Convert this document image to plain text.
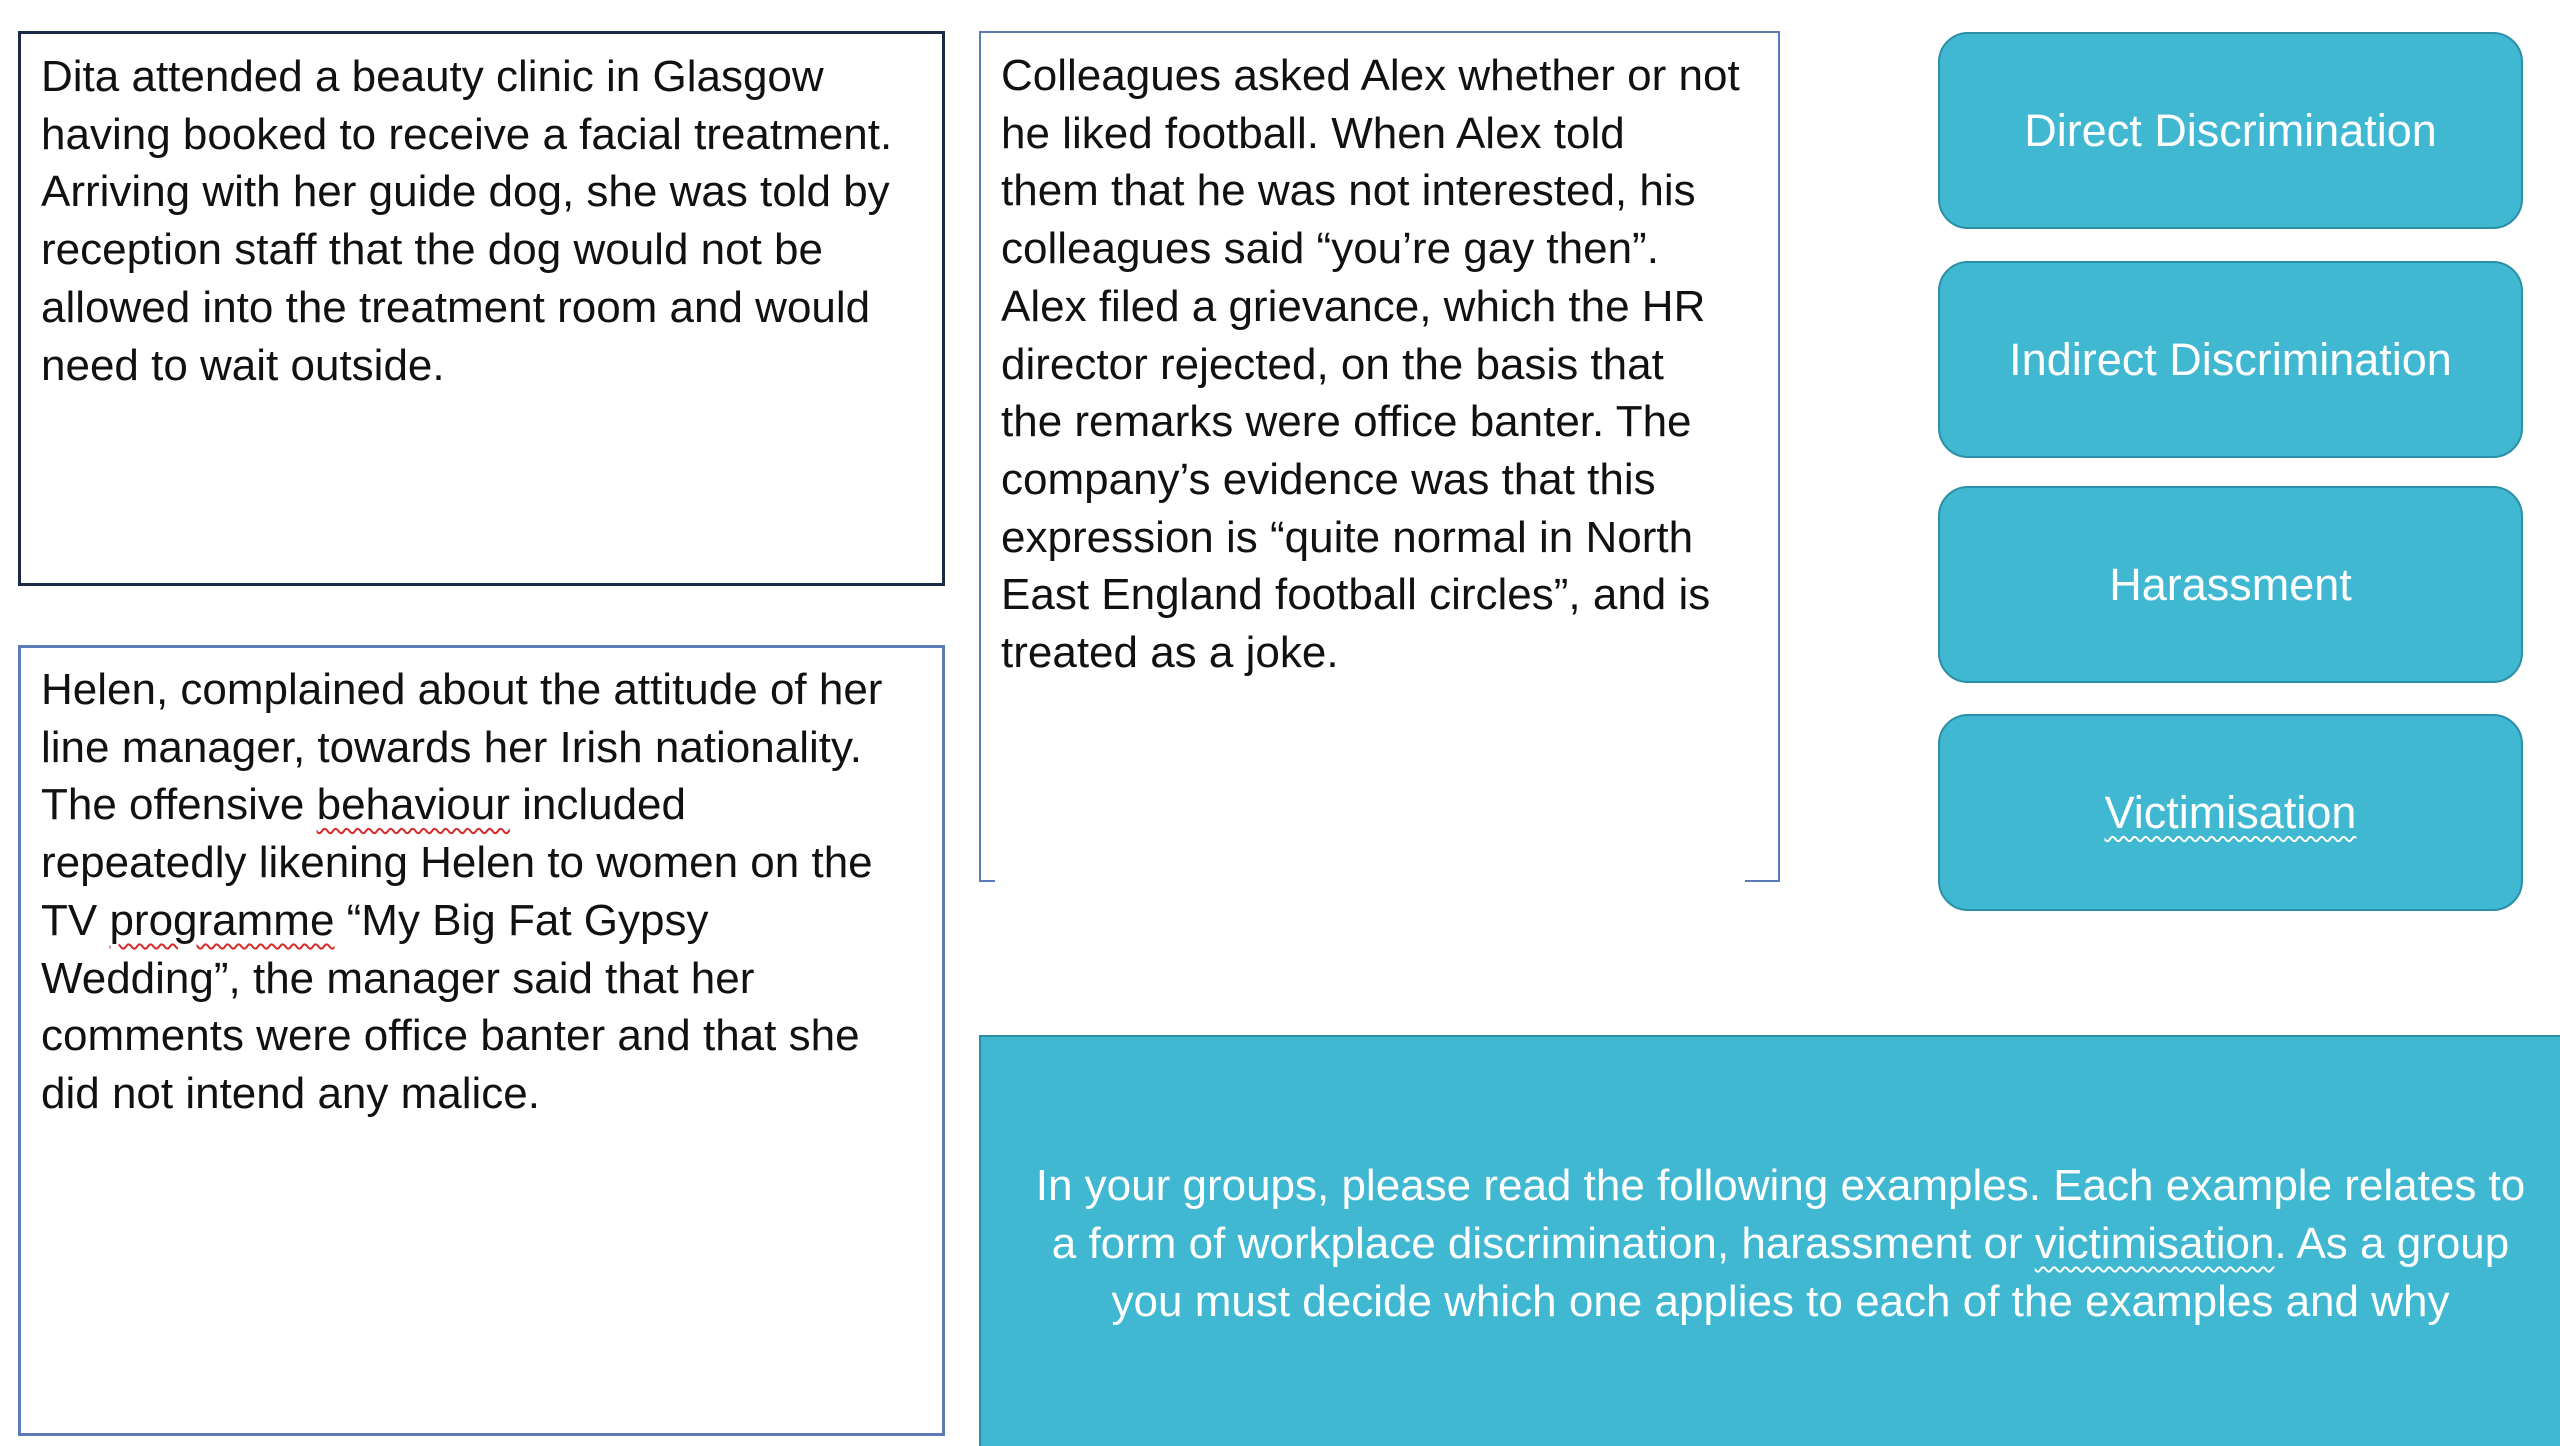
Dita attended a beauty clinic in Glasgow
having booked to receive a facial treatment.
Arriving with her guide dog, she was told by
reception staff that the dog would not be
allowed into the treatment room and would
need to wait outside.
Helen, complained about the attitude of her
line manager, towards her Irish nationality.
The offensive behaviour included
repeatedly likening Helen to women on the
TV programme “My Big Fat Gypsy
Wedding”, the manager said that her
comments were office banter and that she
did not intend any malice.
Colleagues asked Alex whether or not
he liked football. When Alex told
them that he was not interested, his
colleagues said “you’re gay then”.
Alex filed a grievance, which the HR
director rejected, on the basis that
the remarks were office banter. The
company’s evidence was that this
expression is “quite normal in North
East England football circles”, and is
treated as a joke.
Direct Discrimination
Indirect Discrimination
Harassment
Victimisation
In your groups, please read the following examples. Each example relates to
a form of workplace discrimination, harassment or victimisation. As a group
you must decide which one applies to each of the examples and why
